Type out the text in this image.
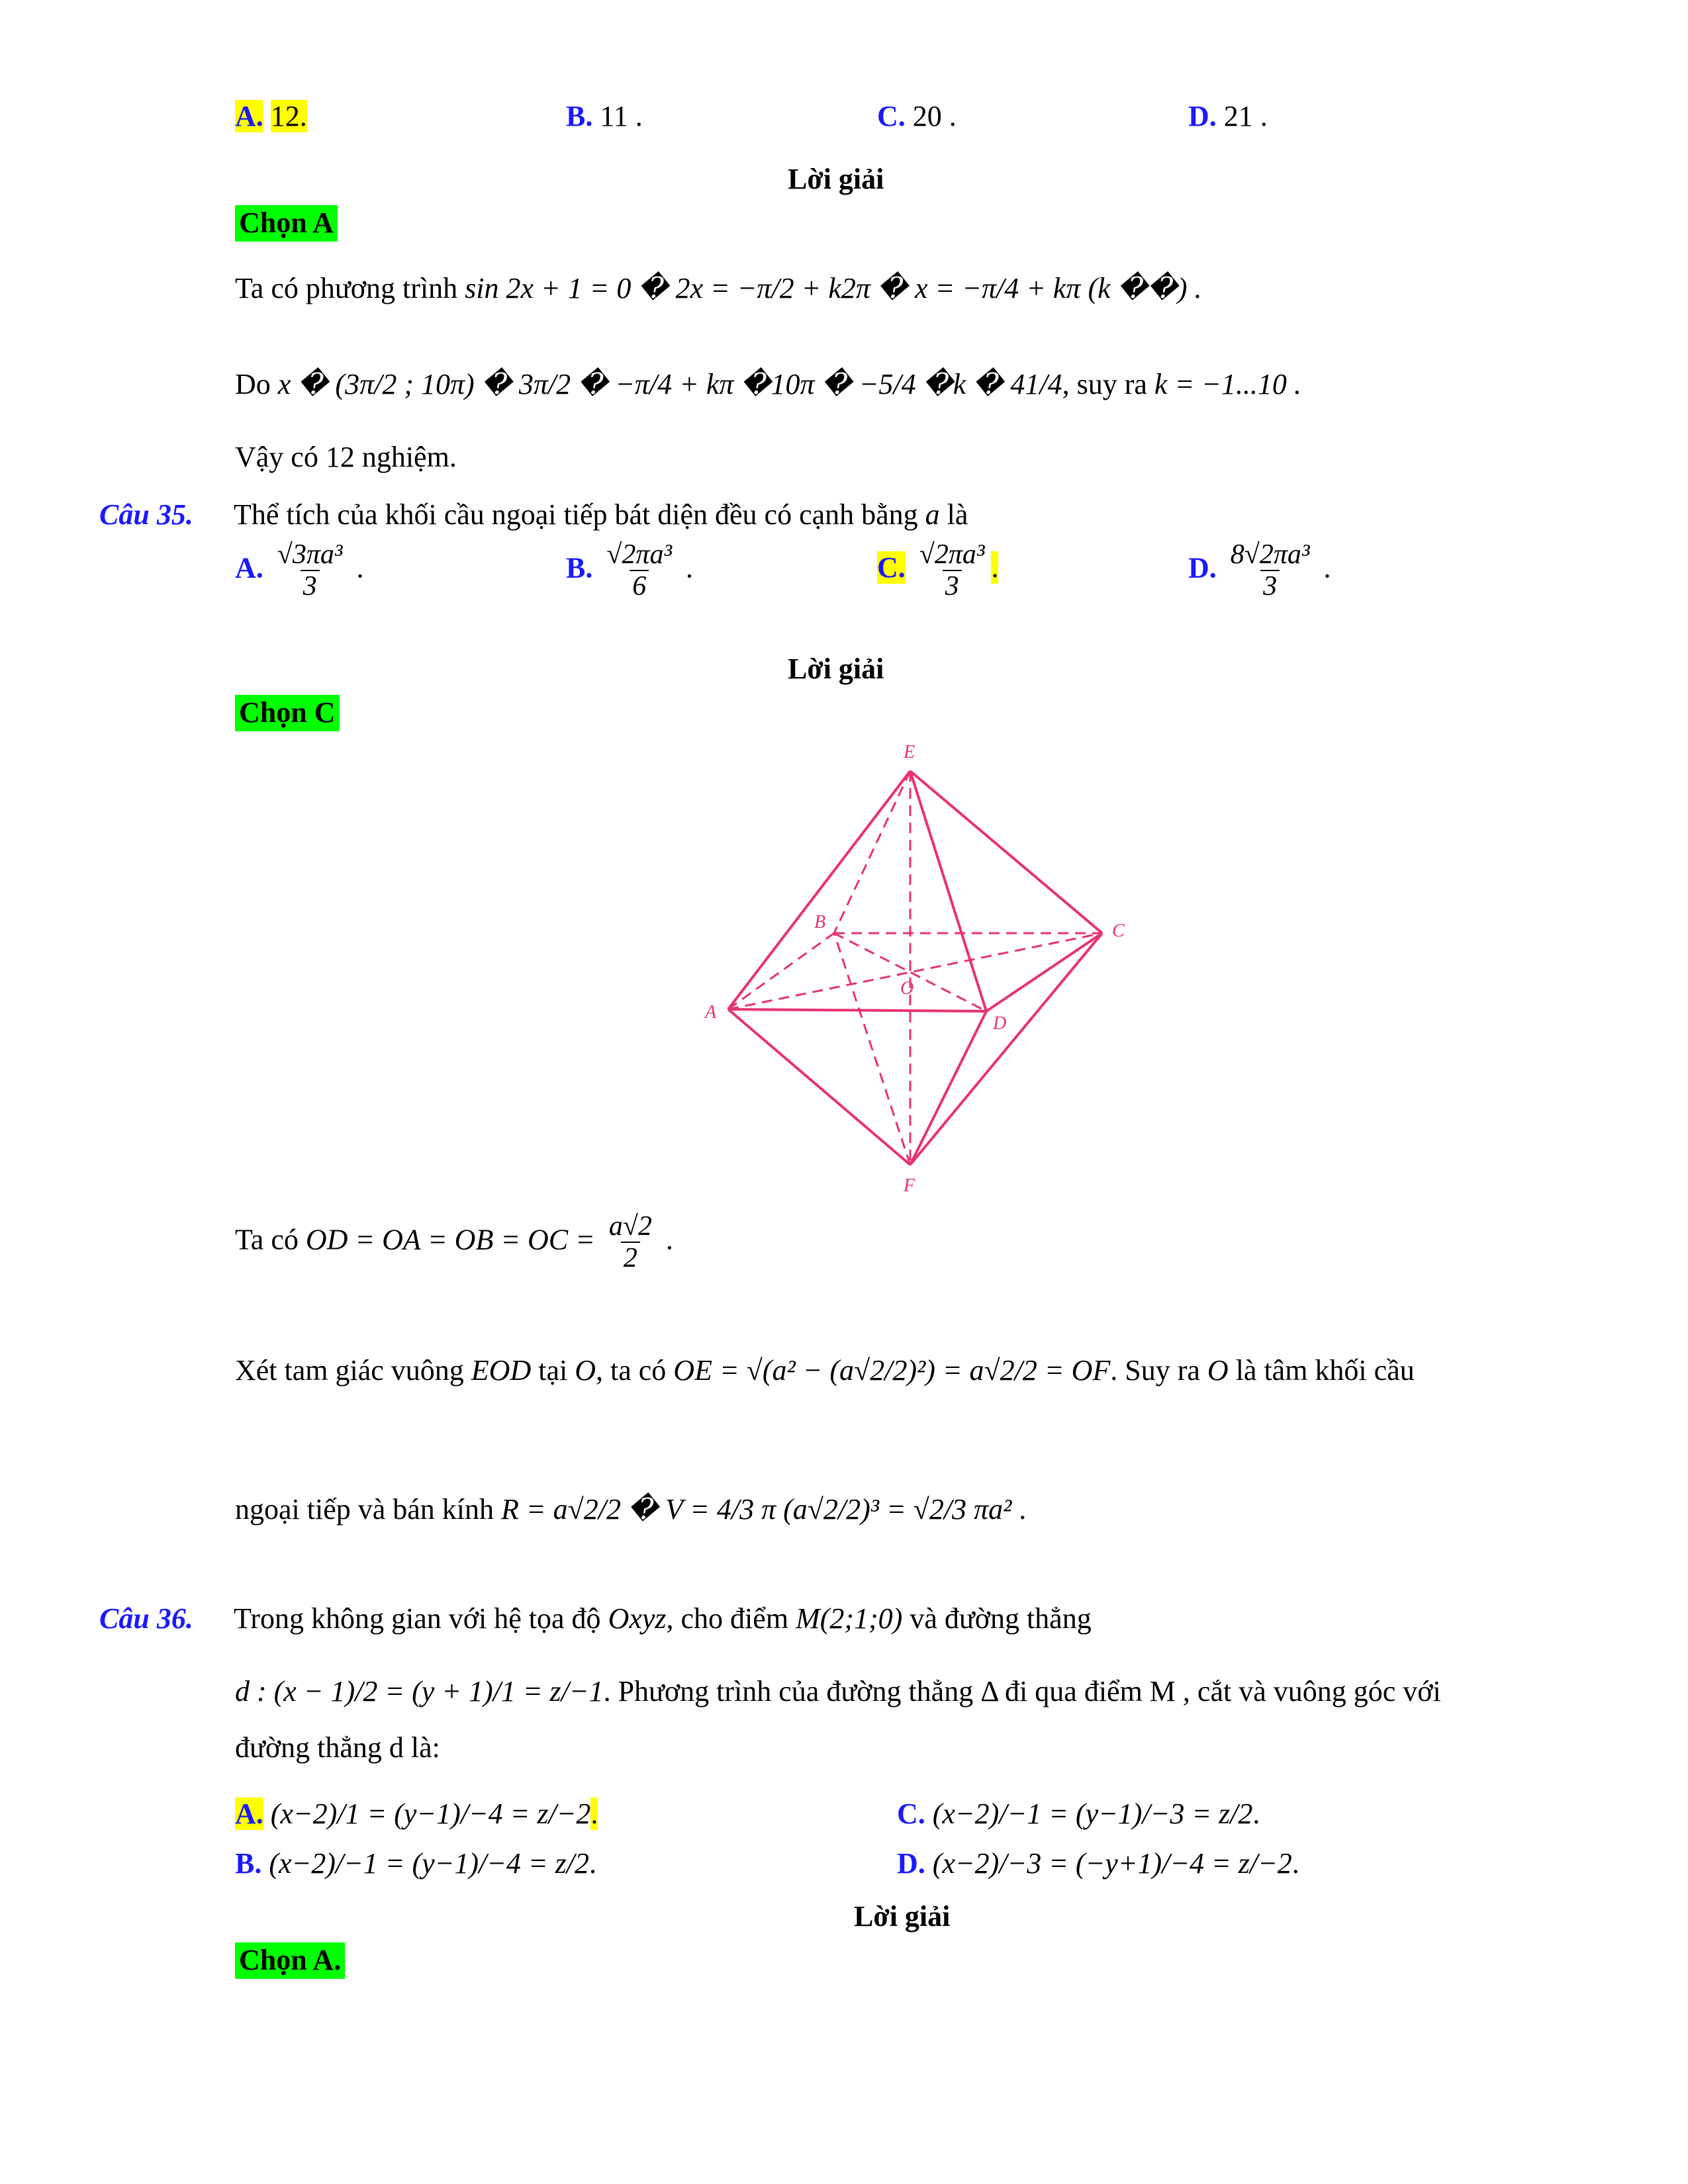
A. 12.	B. 11 .	C. 20 .	D. 21 .
Lời giải
Chọn A
Ta có phương trình sin 2x + 1 = 0 � 2x = −π/2 + k2π � x = −π/4 + kπ (k ��) .
Do x � (3π/2 ; 10π) � 3π/2 � −π/4 + kπ �10π � −5/4 �k � 41/4, suy ra k = −1...10 .
Vậy có 12 nghiệm.
Câu 35. Thể tích của khối cầu ngoại tiếp bát diện đều có cạnh bằng a là
A. $\frac{\text{√3πa³}}{3}$ .	B. $\frac{\text{√2πa³}}{6}$ .	C. $\frac{\text{√2πa³}}{3}$ .	D. $\frac{\text{8√2πa³}}{3}$ .
Lời giải
Chọn C
E
B	C
O
A
D
F
Ta có OD = OA = OB = OC = $\frac{a√2}{2}$ .
Xét tam giác vuông EOD tại O, ta có OE = √(a² − (a√2/2)²) = a√2/2 = OF. Suy ra O là tâm khối cầu
ngoại tiếp và bán kính R = a√2/2 � V = 4/3 π (a√2/2)³ = √2/3 πa² .
Câu 36. Trong không gian với hệ tọa độ Oxyz, cho điểm M(2;1;0) và đường thẳng
d : (x − 1)/2 = (y + 1)/1 = z/−1. Phương trình của đường thẳng Δ đi qua điểm M , cắt và vuông góc với
đường thẳng d là:
A. (x−2)/1 = (y−1)/−4 = z/−2.
B. (x−2)/−1 = (y−1)/−4 = z/2.
C. (x−2)/−1 = (y−1)/−3 = z/2.
D. (x−2)/−3 = (−y+1)/−4 = z/−2.
Lời giải
Chọn A.
